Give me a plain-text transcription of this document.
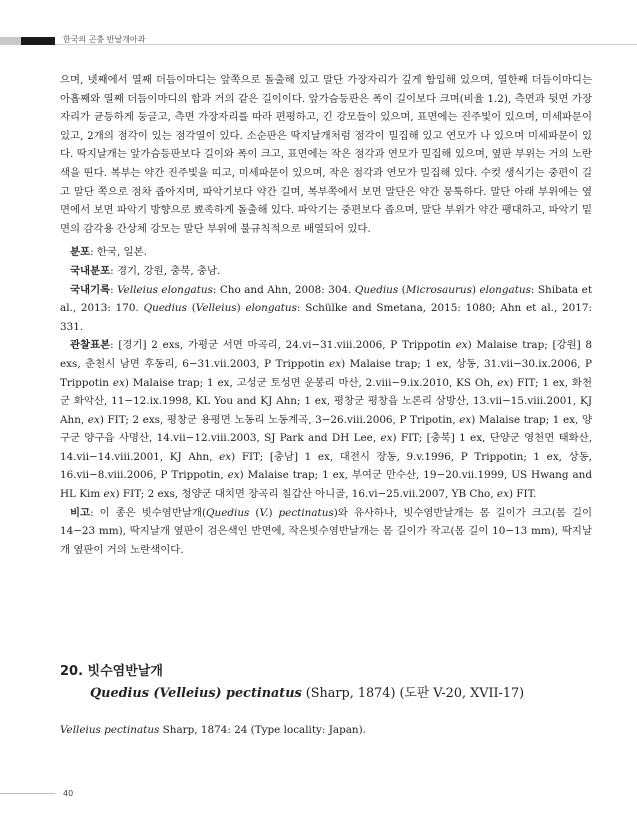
한국의 곤충 반날개아과

으며, 넷째에서 열째 더듬이마디는 앞쪽으로 돌출해 있고 말단 가장자리가 깊게 함입해 있으며, 열한째 더듬이마디는 아홉째와 열째 더듬이마디의 합과 거의 같은 길이이다. 앞가슴등판은 폭이 길이보다 크며(비율 1.2), 측면과 뒷면 가장자리가 균등하게 둥글고, 측면 가장자리를 따라 편평하고, 긴 강모들이 있으며, 표면에는 진주빛이 있으며, 미세파문이 있고, 2개의 점각이 있는 점각열이 있다. 소순판은 딱지날개처럼 점각이 밀집해 있고 연모가 나 있으며 미세파문이 있다. 딱지날개는 앞가슴등판보다 길이와 폭이 크고, 표면에는 작은 점각과 연모가 밀집해 있으며, 옆판 부위는 거의 노란색을 띤다. 복부는 약간 진주빛을 띠고, 미세파문이 있으며, 작은 점각과 연모가 밀집해 있다. 수컷 생식기는 중편이 길고 말단 쪽으로 점차 좁아지며, 파악기보다 약간 길며, 복부쪽에서 보면 말단은 약간 뭉툭하다. 말단 아래 부위에는 옆면에서 보면 파악기 방향으로 뾰족하게 돌출해 있다. 파악기는 중편보다 좁으며, 말단 부위가 약간 팽대하고, 파악기 밑면의 감각용 간상체 강모는 말단 부위에 불규칙적으로 배열되어 있다.

분포: 한국, 일본.

국내분포: 경기, 강원, 충북, 충남.

국내기록: Velleius elongatus: Cho and Ahn, 2008: 304. Quedius (Microsaurus) elongatus: Shibata et al., 2013: 170. Quedius (Velleius) elongatus: Schülke and Smetana, 2015: 1080; Ahn et al., 2017: 331.

관찰표본: [경기] 2 exs, 가평군 서면 마곡리, 24.vi−31.viii.2006, P Trippotin ex) Malaise trap; [강원] 8 exs, 춘천시 남면 후동리, 6−31.vii.2003, P Trippotin ex) Malaise trap; 1 ex, 상동, 31.vii−30.ix.2006, P Trippotin ex) Malaise trap; 1 ex, 고성군 토성면 운봉리 마산, 2.viii−9.ix.2010, KS Oh, ex) FIT; 1 ex, 화천군 화악산, 11−12.ix.1998, KL You and KJ Ahn; 1 ex, 평창군 평창읍 노론리 삼방산, 13.vii−15.viii.2001, KJ Ahn, ex) FIT; 2 exs, 평창군 용평면 노동리 노동계곡, 3−26.viii.2006, P Tripotin, ex) Malaise trap; 1 ex, 양구군 양구읍 사명산, 14.vii−12.viii.2003, SJ Park and DH Lee, ex) FIT; [충북] 1 ex, 단양군 영천면 태화산, 14.vii−14.viii.2001, KJ Ahn, ex) FIT; [충남] 1 ex, 대전시 장동, 9.v.1996, P Trippotin; 1 ex, 상동, 16.vii−8.viii.2006, P Trippotin, ex) Malaise trap; 1 ex, 부여군 만수산, 19−20.vii.1999, US Hwang and HL Kim ex) FIT; 2 exs, 청양군 대치면 장곡리 칠갑산 아니골, 16.vi−25.vii.2007, YB Cho, ex) FIT.

비고: 이 종은 빗수염반날개(Quedius (V.) pectinatus)와 유사하나, 빗수염반날개는 몸 길이가 크고(몸 길이 14−23 mm), 딱지날개 옆판이 검은색인 반면에, 작은빗수염반날개는 몸 길이가 작고(몸 길이 10−13 mm), 딱지날개 옆판이 거의 노란색이다.

20. 빗수염반날개

Quedius (Velleius) pectinatus (Sharp, 1874) (도판 V-20, XVII-17)

Velleius pectinatus Sharp, 1874: 24 (Type locality: Japan).
40
